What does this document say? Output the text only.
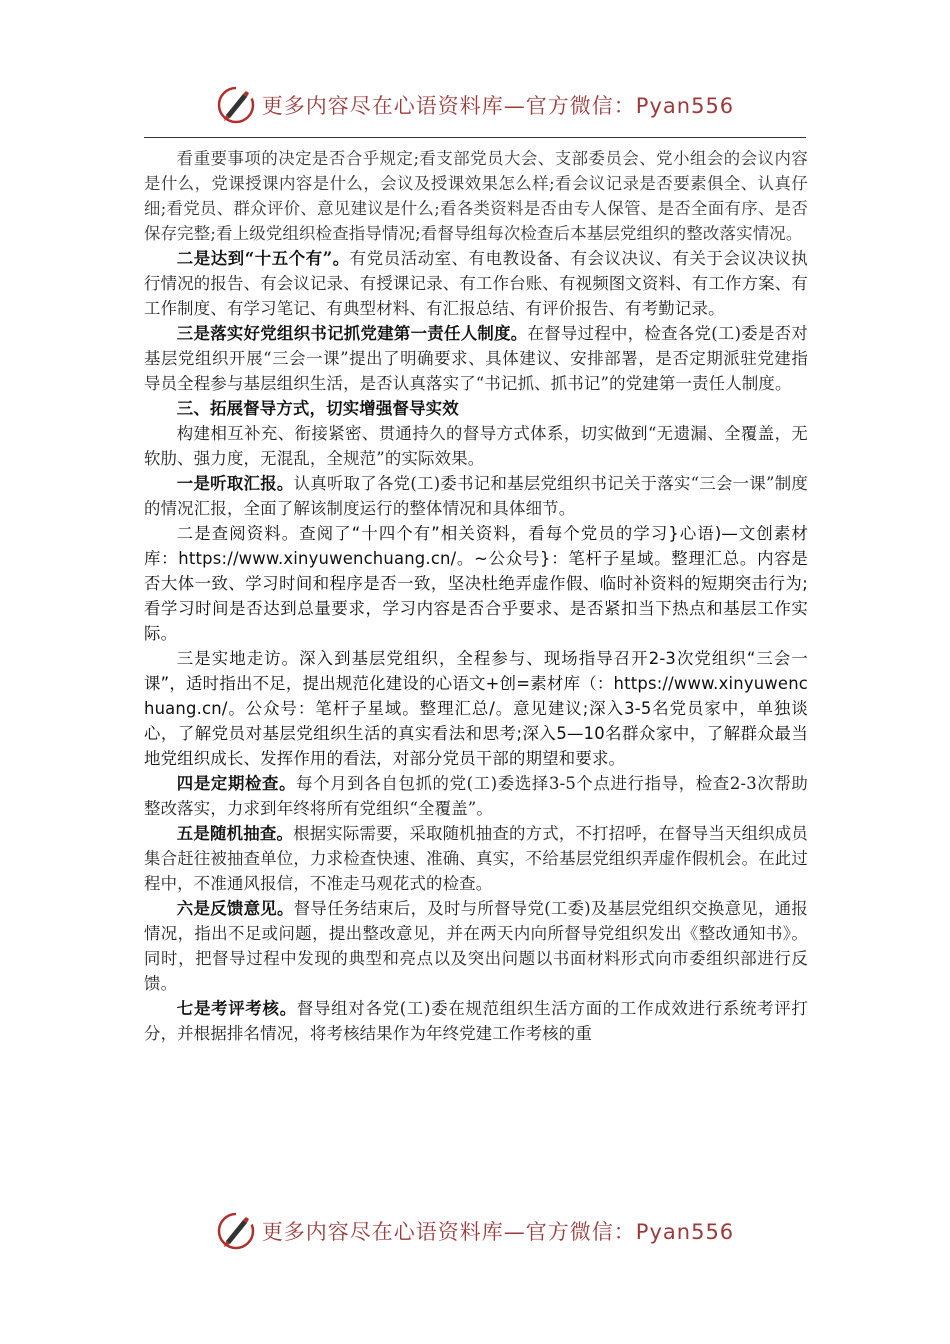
更多内容尽在心语资料库—官方微信：Pyan556

看重要事项的决定是否合乎规定;看支部党员大会、支部委员会、党小组会的会议内容是什么，党课授课内容是什么，会议及授课效果怎么样;看会议记录是否要素俱全、认真仔细;看党员、群众评价、意见建议是什么;看各类资料是否由专人保管、是否全面有序、是否保存完整;看上级党组织检查指导情况;看督导组每次检查后本基层党组织的整改落实情况。

二是达到“十五个有”。有党员活动室、有电教设备、有会议决议、有关于会议决议执行情况的报告、有会议记录、有授课记录、有工作台账、有视频图文资料、有工作方案、有工作制度、有学习笔记、有典型材料、有汇报总结、有评价报告、有考勤记录。

三是落实好党组织书记抓党建第一责任人制度。在督导过程中，检查各党(工)委是否对基层党组织开展“三会一课”提出了明确要求、具体建议、安排部署，是否定期派驻党建指导员全程参与基层组织生活，是否认真落实了“书记抓、抓书记”的党建第一责任人制度。

三、拓展督导方式，切实增强督导实效

构建相互补充、衔接紧密、贯通持久的督导方式体系，切实做到“无遗漏、全覆盖，无软肋、强力度，无混乱，全规范”的实际效果。

一是听取汇报。认真听取了各党(工)委书记和基层党组织书记关于落实“三会一课”制度的情况汇报，全面了解该制度运行的整体情况和具体细节。

二是查阅资料。查阅了“十四个有”相关资料，看每个党员的学习}心语)—文创素材库：https://www.xinyuwenchuang.cn/。~公众号}：笔杆子星域。整理汇总。内容是否大体一致、学习时间和程序是否一致，坚决杜绝弄虚作假、临时补资料的短期突击行为;看学习时间是否达到总量要求，学习内容是否合乎要求、是否紧扣当下热点和基层工作实际。

三是实地走访。深入到基层党组织，全程参与、现场指导召开2-3次党组织“三会一课”，适时指出不足，提出规范化建设的心语文+创=素材库（：https://www.xinyuwenchuang.cn/。公众号：笔杆子星域。整理汇总/。意见建议;深入3-5名党员家中，单独谈心，了解党员对基层党组织生活的真实看法和思考;深入5—10名群众家中，了解群众最当地党组织成长、发挥作用的看法，对部分党员干部的期望和要求。

四是定期检查。每个月到各自包抓的党(工)委选择3-5个点进行指导，检查2-3次帮助整改落实，力求到年终将所有党组织“全覆盖”。

五是随机抽查。根据实际需要，采取随机抽查的方式，不打招呼，在督导当天组织成员集合赶往被抽查单位，力求检查快速、准确、真实，不给基层党组织弄虚作假机会。在此过程中，不准通风报信，不准走马观花式的检查。

六是反馈意见。督导任务结束后，及时与所督导党(工委)及基层党组织交换意见，通报情况，指出不足或问题，提出整改意见，并在两天内向所督导党组织发出《整改通知书》。同时，把督导过程中发现的典型和亮点以及突出问题以书面材料形式向市委组织部进行反馈。

七是考评考核。督导组对各党(工)委在规范组织生活方面的工作成效进行系统考评打分，并根据排名情况，将考核结果作为年终党建工作考核的重

更多内容尽在心语资料库—官方微信：Pyan556
